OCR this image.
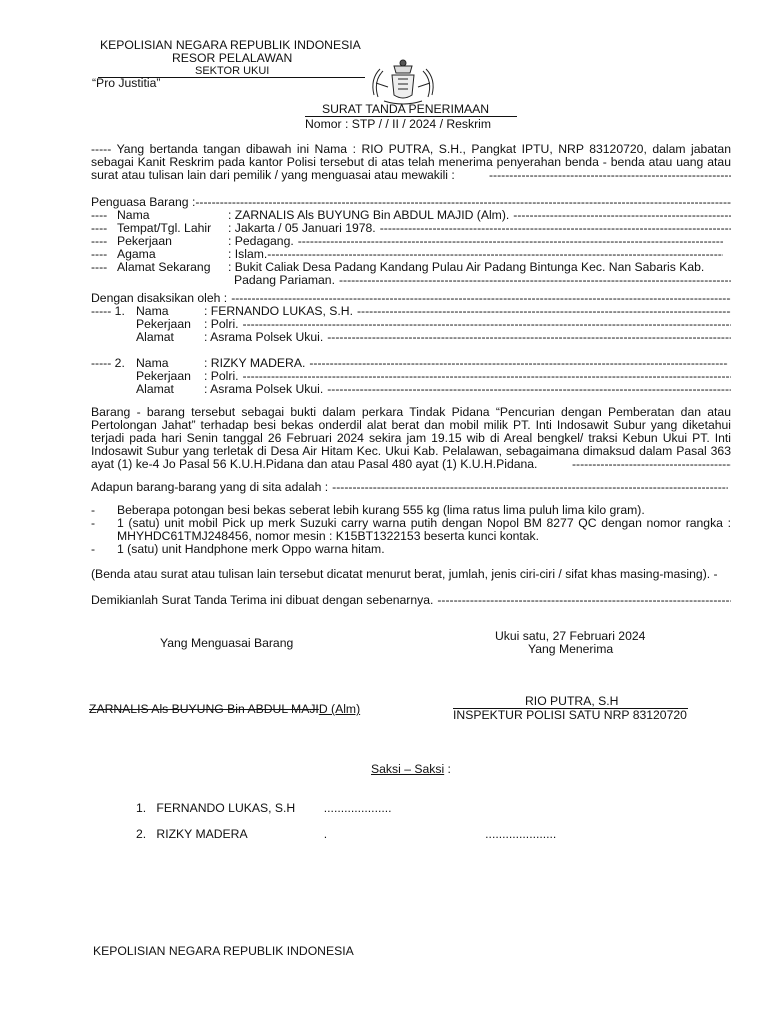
KEPOLISIAN NEGARA REPUBLIK INDONESIA
RESOR PELALAWAN
SEKTOR UKUI
“Pro Justitia”
SURAT TANDA PENERIMAAN
Nomor : STP / / II / 2024 / Reskrim
----- Yang bertanda tangan dibawah ini Nama : RIO PUTRA, S.H., Pangkat IPTU, NRP 83120720, dalam jabatan sebagai Kanit Reskrim pada kantor Polisi tersebut di atas telah menerima penyerahan benda - benda atau uang atau surat atau tulisan lain dari pemilik / yang menguasai atau mewakili :
-----
Penguasa Barang :
-----
---- Nama	: ZARNALIS Als BUYUNG Bin ABDUL MAJID (Alm).
-----
---- Tempat/Tgl. Lahir	: Jakarta / 05 Januari 1978.
-----
---- Pekerjaan	: Pedagang.
-----
---- Agama	: Islam.
-----
---- Alamat Sekarang	: Bukit Caliak Desa Padang Kandang Pulau Air Padang Bintunga Kec. Nan Sabaris Kab.
Padang Pariaman.
-----
Dengan disaksikan oleh :
-----
----- 1. Nama	: FERNANDO LUKAS, S.H.
-----
Pekerjaan	: Polri.
-----
Alamat	: Asrama Polsek Ukui.
-----
----- 2. Nama	: RIZKY MADERA.
-----
Pekerjaan	: Polri.
-----
Alamat	: Asrama Polsek Ukui.
-----
Barang - barang tersebut sebagai bukti dalam perkara Tindak Pidana “Pencurian dengan Pemberatan dan atau Pertolongan Jahat” terhadap besi bekas onderdil alat berat dan mobil milik PT. Inti Indosawit Subur yang diketahui terjadi pada hari Senin tanggal 26 Februari 2024 sekira jam 19.15 wib di Areal bengkel/ traksi Kebun Ukui PT. Inti Indosawit Subur yang terletak di Desa Air Hitam Kec. Ukui Kab. Pelalawan, sebagaimana dimaksud dalam Pasal 363 ayat (1) ke-4 Jo Pasal 56 K.U.H.Pidana dan atau Pasal 480 ayat (1) K.U.H.Pidana.
-----
Adapun barang-barang yang di sita adalah :
-----
- Beberapa potongan besi bekas seberat lebih kurang 555 kg (lima ratus lima puluh lima kilo gram).
- 1 (satu) unit mobil Pick up merk Suzuki carry warna putih dengan Nopol BM 8277 QC dengan nomor rangka : MHYHDC61TMJ248456, nomor mesin : K15BT1322153 beserta kunci kontak.
- 1 (satu) unit Handphone merk Oppo warna hitam.
(Benda atau surat atau tulisan lain tersebut dicatat menurut berat, jumlah, jenis ciri-ciri / sifat khas masing-masing). -
Demikianlah Surat Tanda Terima ini dibuat dengan sebenarnya.
-----
Yang Menguasai Barang	Ukui satu, 27 Februari 2024
Yang Menerima
ZARNALIS Als BUYUNG Bin ABDUL MAJID (Alm)
RIO PUTRA, S.H
INSPEKTUR POLISI SATU NRP 83120720
Saksi – Saksi :
1. FERNANDO LUKAS, S.H ....................
2. RIZKY MADERA	.	.....................
KEPOLISIAN NEGARA REPUBLIK INDONESIA
